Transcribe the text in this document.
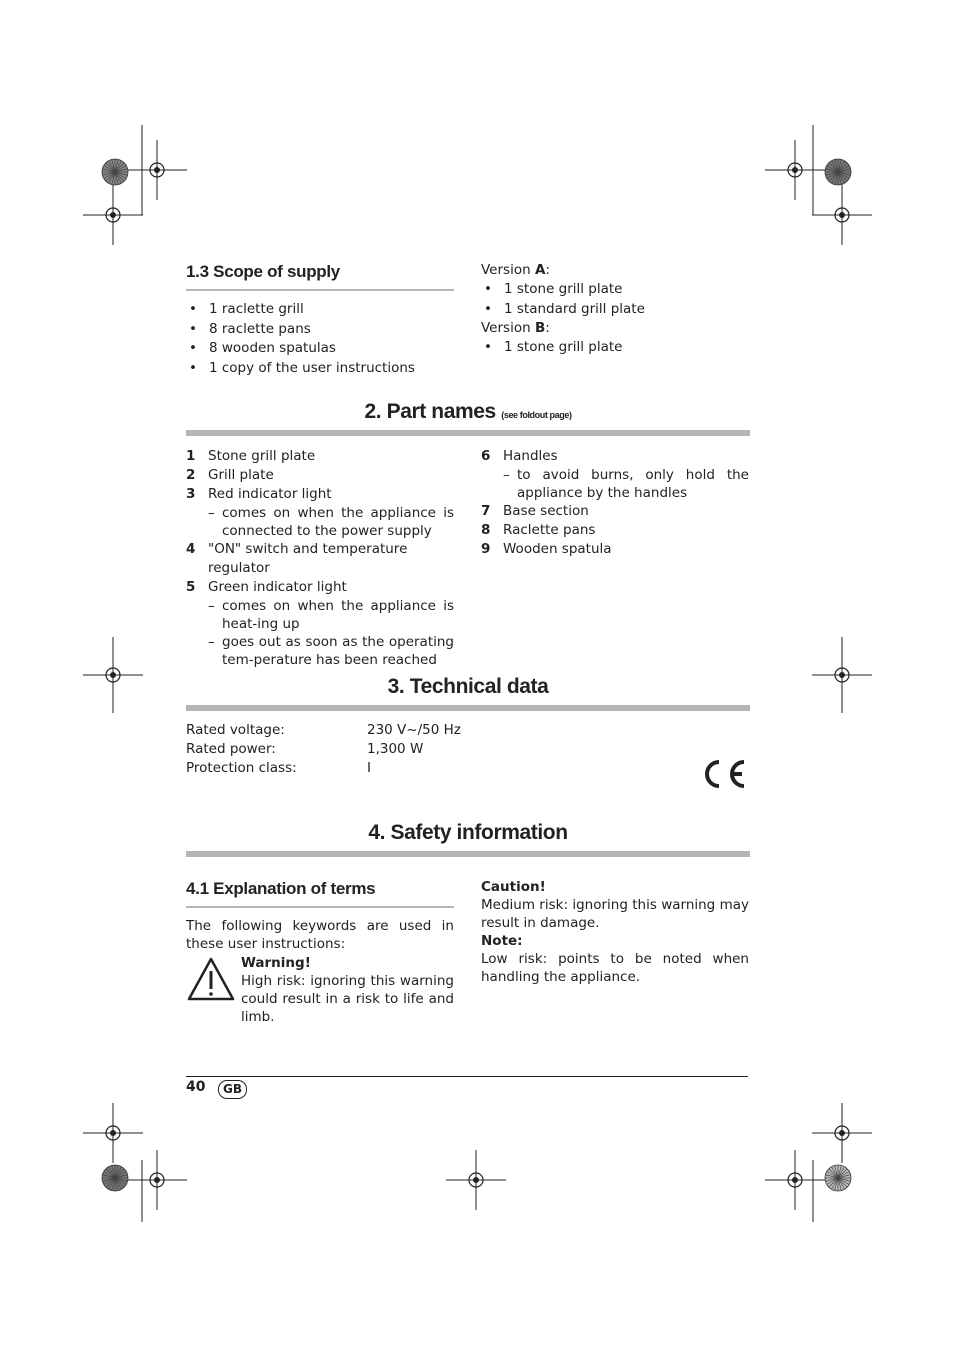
1.3 Scope of supply
• 1 raclette grill
• 8 raclette pans
• 8 wooden spatulas
• 1 copy of the user instructions
Version A:
• 1 stone grill plate
• 1 standard grill plate
Version B:
• 1 stone grill plate
2. Part names (see foldout page)
1 Stone grill plate
2 Grill plate
3 Red indicator light
– comes on when the appliance is connected to the power supply
4 "ON" switch and temperature regulator
5 Green indicator light
– comes on when the appliance is heat-ing up
– goes out as soon as the operating tem-perature has been reached
6 Handles
– to avoid burns, only hold the appliance by the handles
7 Base section
8 Raclette pans
9 Wooden spatula
3. Technical data
Rated voltage:	230 V~/50 Hz
Rated power:	1,300 W
Protection class:	I
4. Safety information
4.1 Explanation of terms
The following keywords are used in these user instructions:
Warning!
High risk: ignoring this warning could result in a risk to life and limb.
Caution!
Medium risk: ignoring this warning may result in damage.
Note:
Low risk: points to be noted when handling the appliance.
40	GB
